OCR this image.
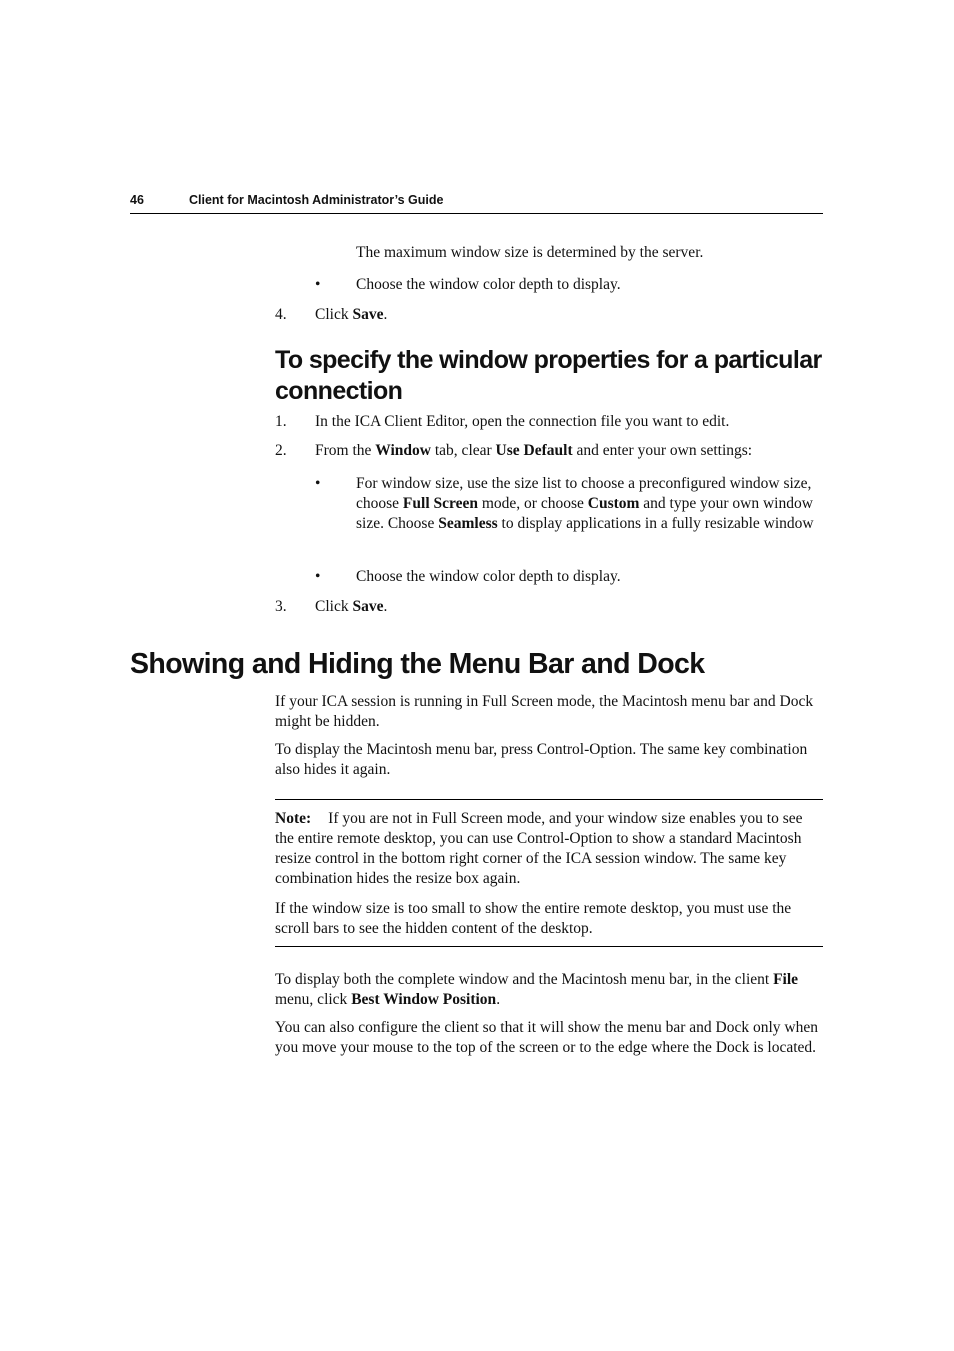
46	Client for Macintosh Administrator’s Guide
The maximum window size is determined by the server.
• Choose the window color depth to display.
4. Click Save.
To specify the window properties for a particular
connection
1. In the ICA Client Editor, open the connection file you want to edit.
2. From the Window tab, clear Use Default and enter your own settings:
• For window size, use the size list to choose a preconfigured window size, choose Full Screen mode, or choose Custom and type your own window size. Choose Seamless to display applications in a fully resizable window
• Choose the window color depth to display.
3. Click Save.
Showing and Hiding the Menu Bar and Dock
If your ICA session is running in Full Screen mode, the Macintosh menu bar and Dock might be hidden.
To display the Macintosh menu bar, press Control-Option. The same key combination also hides it again.
Note: If you are not in Full Screen mode, and your window size enables you to see the entire remote desktop, you can use Control-Option to show a standard Macintosh resize control in the bottom right corner of the ICA session window. The same key combination hides the resize box again.
If the window size is too small to show the entire remote desktop, you must use the scroll bars to see the hidden content of the desktop.
To display both the complete window and the Macintosh menu bar, in the client File menu, click Best Window Position.
You can also configure the client so that it will show the menu bar and Dock only when you move your mouse to the top of the screen or to the edge where the Dock is located.
